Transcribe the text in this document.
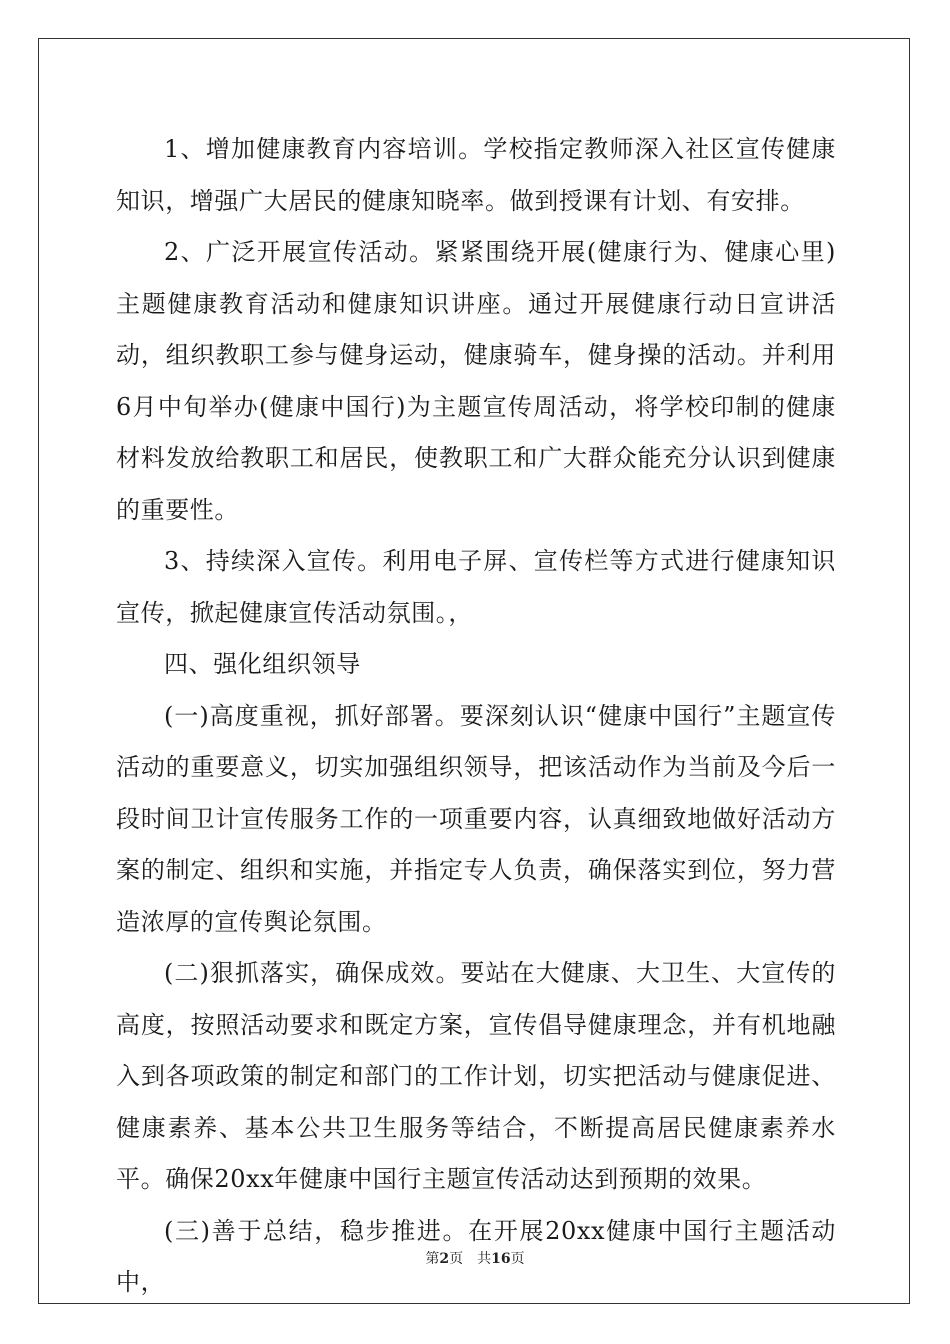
1、增加健康教育内容培训。学校指定教师深入社区宣传健康知识，增强广大居民的健康知晓率。做到授课有计划、有安排。

2、广泛开展宣传活动。紧紧围绕开展(健康行为、健康心里)主题健康教育活动和健康知识讲座。通过开展健康行动日宣讲活动，组织教职工参与健身运动，健康骑车，健身操的活动。并利用6月中旬举办(健康中国行)为主题宣传周活动，将学校印制的健康材料发放给教职工和居民，使教职工和广大群众能充分认识到健康的重要性。

3、持续深入宣传。利用电子屏、宣传栏等方式进行健康知识宣传，掀起健康宣传活动氛围。，

四、强化组织领导

(一)高度重视，抓好部署。要深刻认识“健康中国行”主题宣传活动的重要意义，切实加强组织领导，把该活动作为当前及今后一段时间卫计宣传服务工作的一项重要内容，认真细致地做好活动方案的制定、组织和实施，并指定专人负责，确保落实到位，努力营造浓厚的宣传舆论氛围。

(二)狠抓落实，确保成效。要站在大健康、大卫生、大宣传的高度，按照活动要求和既定方案，宣传倡导健康理念，并有机地融入到各项政策的制定和部门的工作计划，切实把活动与健康促进、健康素养、基本公共卫生服务等结合，不断提高居民健康素养水平。确保20xx年健康中国行主题宣传活动达到预期的效果。

(三)善于总结，稳步推进。在开展20xx健康中国行主题活动中，

第2页　共16页
